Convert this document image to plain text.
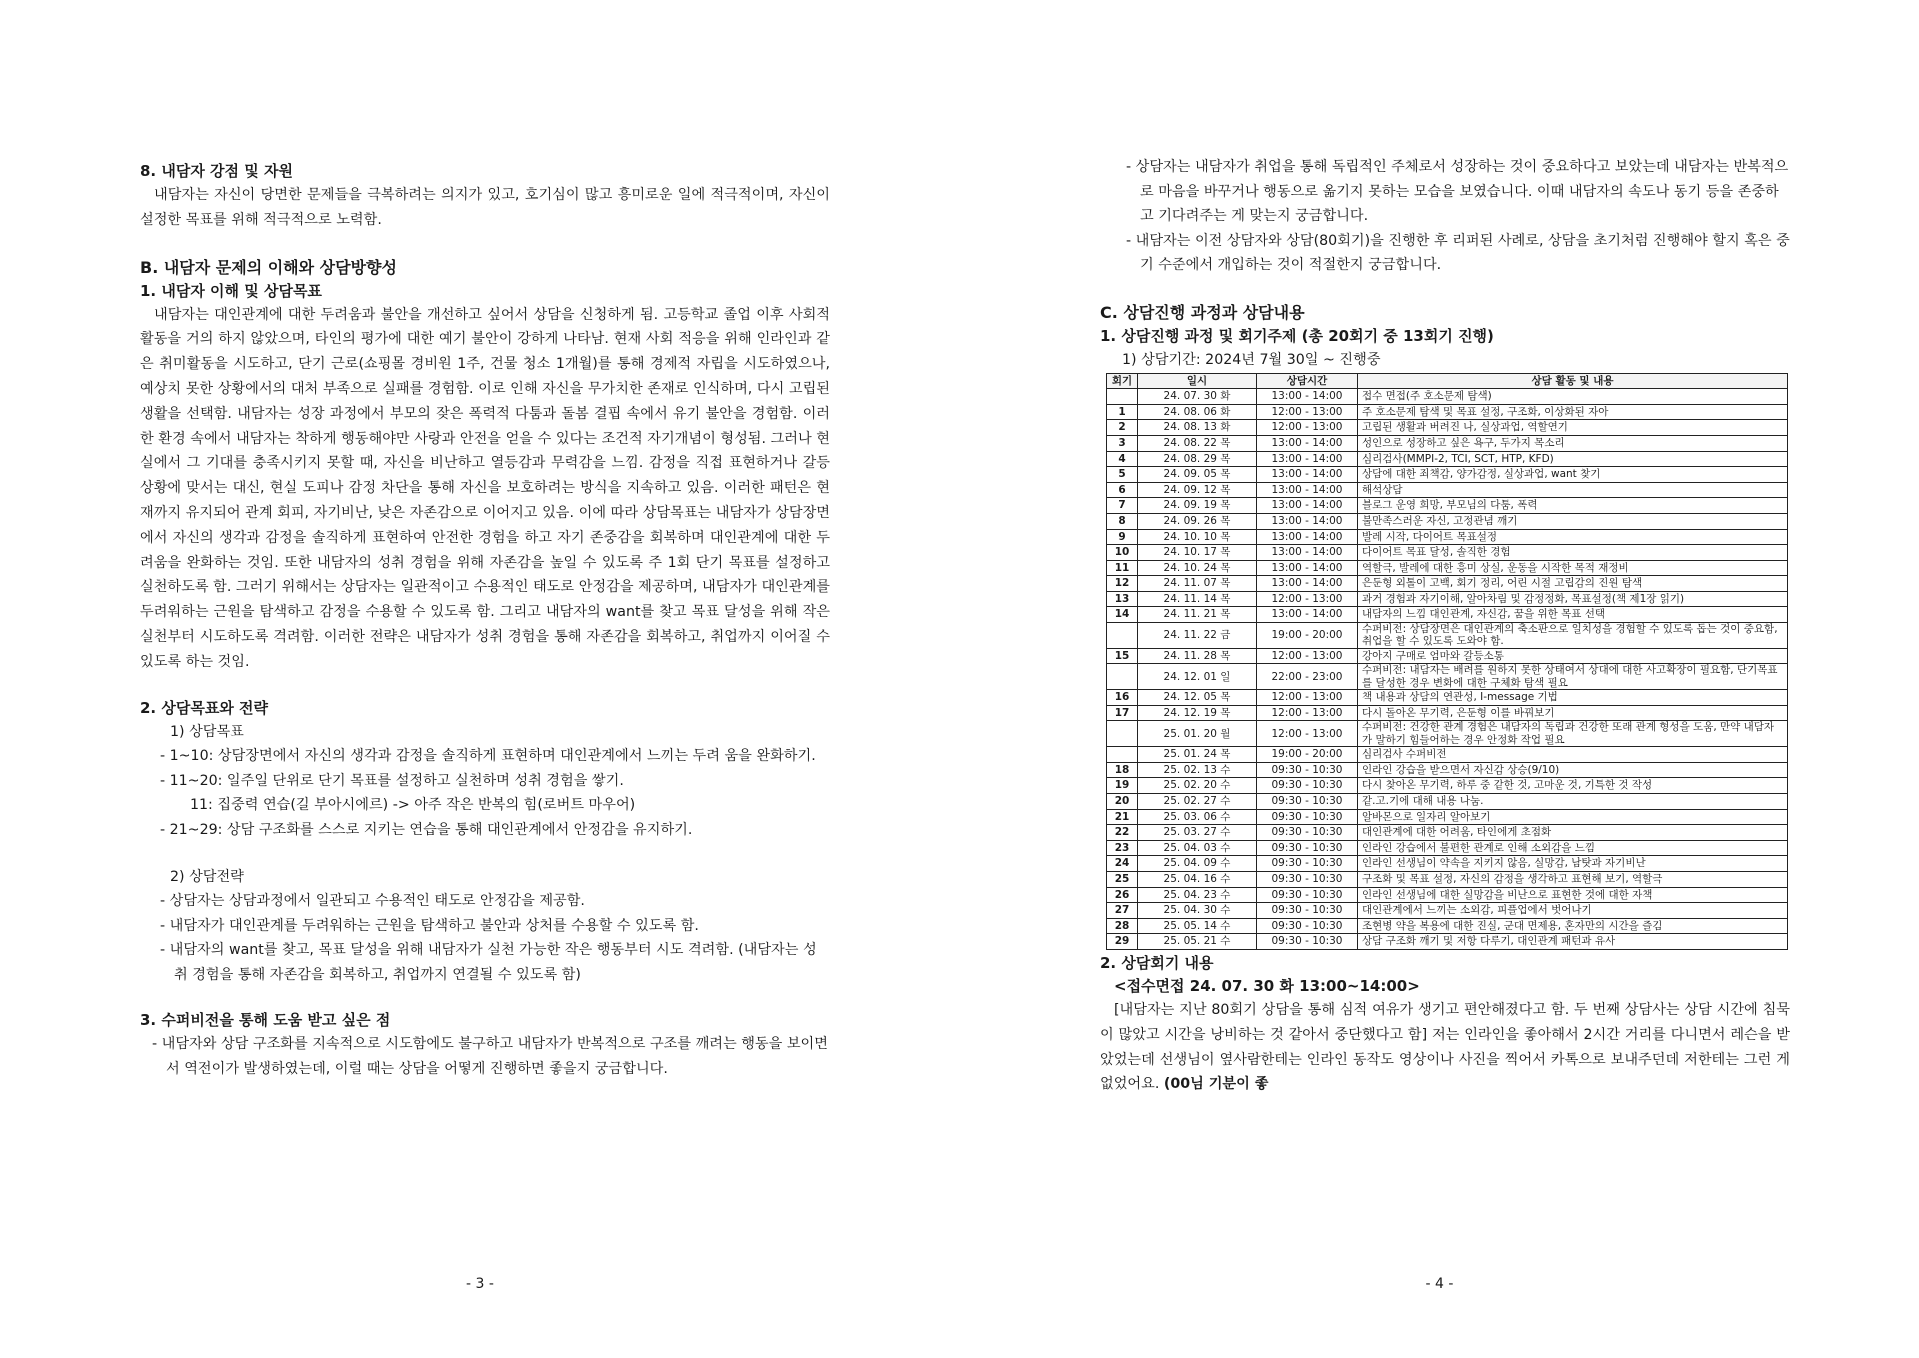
8. 내담자 강점 및 자원

내담자는 자신이 당면한 문제들을 극복하려는 의지가 있고, 호기심이 많고 흥미로운 일에 적극적이며, 자신이 설정한 목표를 위해 적극적으로 노력함.

B. 내담자 문제의 이해와 상담방향성

1. 내담자 이해 및 상담목표

내담자는 대인관계에 대한 두려움과 불안을 개선하고 싶어서 상담을 신청하게 됨. 고등학교 졸업 이후 사회적 활동을 거의 하지 않았으며, 타인의 평가에 대한 예기 불안이 강하게 나타남. 현재 사회 적응을 위해 인라인과 같은 취미활동을 시도하고, 단기 근로(쇼핑몰 경비원 1주, 건물 청소 1개월)를 통해 경제적 자립을 시도하였으나, 예상치 못한 상황에서의 대처 부족으로 실패를 경험함. 이로 인해 자신을 무가치한 존재로 인식하며, 다시 고립된 생활을 선택함. 내담자는 성장 과정에서 부모의 잦은 폭력적 다툼과 돌봄 결핍 속에서 유기 불안을 경험함. 이러한 환경 속에서 내담자는 착하게 행동해야만 사랑과 안전을 얻을 수 있다는 조건적 자기개념이 형성됨. 그러나 현실에서 그 기대를 충족시키지 못할 때, 자신을 비난하고 열등감과 무력감을 느낌. 감정을 직접 표현하거나 갈등 상황에 맞서는 대신, 현실 도피나 감정 차단을 통해 자신을 보호하려는 방식을 지속하고 있음. 이러한 패턴은 현재까지 유지되어 관계 회피, 자기비난, 낮은 자존감으로 이어지고 있음. 이에 따라 상담목표는 내담자가 상담장면에서 자신의 생각과 감정을 솔직하게 표현하여 안전한 경험을 하고 자기 존중감을 회복하며 대인관계에 대한 두려움을 완화하는 것임. 또한 내담자의 성취 경험을 위해 자존감을 높일 수 있도록 주 1회 단기 목표를 설정하고 실천하도록 함. 그러기 위해서는 상담자는 일관적이고 수용적인 태도로 안정감을 제공하며, 내담자가 대인관계를 두려워하는 근원을 탐색하고 감정을 수용할 수 있도록 함. 그리고 내담자의 want를 찾고 목표 달성을 위해 작은 실천부터 시도하도록 격려함. 이러한 전략은 내담자가 성취 경험을 통해 자존감을 회복하고, 취업까지 이어질 수 있도록 하는 것임.

2. 상담목표와 전략

1) 상담목표

- 1~10: 상담장면에서 자신의 생각과 감정을 솔직하게 표현하며 대인관계에서 느끼는 두려 움을 완화하기.

- 11~20: 일주일 단위로 단기 목표를 설정하고 실천하며 성취 경험을 쌓기.

11: 집중력 연습(길 부아시에르) -> 아주 작은 반복의 힘(로버트 마우어)

- 21~29: 상담 구조화를 스스로 지키는 연습을 통해 대인관계에서 안정감을 유지하기.

2) 상담전략

- 상담자는 상담과정에서 일관되고 수용적인 태도로 안정감을 제공함.

- 내담자가 대인관계를 두려워하는 근원을 탐색하고 불안과 상처를 수용할 수 있도록 함.

- 내담자의 want를 찾고, 목표 달성을 위해 내담자가 실천 가능한 작은 행동부터 시도 격려함. (내담자는 성취 경험을 통해 자존감을 회복하고, 취업까지 연결될 수 있도록 함)

3. 수퍼비전을 통해 도움 받고 싶은 점

- 내담자와 상담 구조화를 지속적으로 시도함에도 불구하고 내담자가 반복적으로 구조를 깨려는 행동을 보이면서 역전이가 발생하였는데, 이럴 때는 상담을 어떻게 진행하면 좋을지 궁금합니다.

- 3 -

- 상담자는 내담자가 취업을 통해 독립적인 주체로서 성장하는 것이 중요하다고 보았는데 내담자는 반복적으로 마음을 바꾸거나 행동으로 옮기지 못하는 모습을 보였습니다. 이때 내담자의 속도나 동기 등을 존중하고 기다려주는 게 맞는지 궁금합니다.

- 내담자는 이전 상담자와 상담(80회기)을 진행한 후 리퍼된 사례로, 상담을 초기처럼 진행해야 할지 혹은 중기 수준에서 개입하는 것이 적절한지 궁금합니다.

C. 상담진행 과정과 상담내용

1. 상담진행 과정 및 회기주제 (총 20회기 중 13회기 진행)

1) 상담기간: 2024년 7월 30일 ~ 진행중

회기	일시	상담시간	상담 활동 및 내용
	24. 07. 30 화	13:00 - 14:00	접수 면접(주 호소문제 탐색)
1	24. 08. 06 화	12:00 - 13:00	주 호소문제 탐색 및 목표 설정, 구조화, 이상화된 자아
2	24. 08. 13 화	12:00 - 13:00	고립된 생활과 버려진 나, 실상과업, 역할연기
3	24. 08. 22 목	13:00 - 14:00	성인으로 성장하고 싶은 욕구, 두가지 목소리
4	24. 08. 29 목	13:00 - 14:00	심리검사(MMPI-2, TCI, SCT, HTP, KFD)
5	24. 09. 05 목	13:00 - 14:00	상담에 대한 죄책감, 양가감정, 실상과업, want 찾기
6	24. 09. 12 목	13:00 - 14:00	해석상담
7	24. 09. 19 목	13:00 - 14:00	블로그 운영 희망, 부모님의 다툼, 폭력
8	24. 09. 26 목	13:00 - 14:00	불만족스러운 자신, 고정관념 깨기
9	24. 10. 10 목	13:00 - 14:00	발레 시작, 다이어트 목표설정
10	24. 10. 17 목	13:00 - 14:00	다이어트 목표 달성, 솔직한 경험
11	24. 10. 24 목	13:00 - 14:00	역할극, 발레에 대한 흥미 상실, 운동을 시작한 목적 재정비
12	24. 11. 07 목	13:00 - 14:00	은둔형 외톨이 고백, 회기 정리, 어린 시절 고립감의 진원 탐색
13	24. 11. 14 목	12:00 - 13:00	과거 경험과 자기이해, 알아차림 및 감정정화, 목표설정(책 제1장 읽기)
14	24. 11. 21 목	13:00 - 14:00	내담자의 느낌 대인관계, 자신감, 꿈을 위한 목표 선택
	24. 11. 22 금	19:00 - 20:00	수퍼비전: 상담장면은 대인관계의 축소판으로 일치성을 경험할 수 있도록 돕는 것이 중요함, 취업을 할 수 있도록 도와야 함.
15	24. 11. 28 목	12:00 - 13:00	강아지 구매로 엄마와 갈등소통
	24. 12. 01 일	22:00 - 23:00	수퍼비전: 내담자는 배려를 원하지 못한 상태여서 상대에 대한 사고확장이 필요함, 단기목표를 달성한 경우 변화에 대한 구체화 탐색 필요
16	24. 12. 05 목	12:00 - 13:00	책 내용과 상담의 연관성, I-message 기법
17	24. 12. 19 목	12:00 - 13:00	다시 돌아온 무기력, 은둔형 이를 바꿔보기
	25. 01. 20 월	12:00 - 13:00	수퍼비전: 건강한 관계 경험은 내담자의 독립과 건강한 또래 관계 형성을 도움, 만약 내담자가 말하기 힘들어하는 경우 안정화 작업 필요
	25. 01. 24 목	19:00 - 20:00	심리검사 수퍼비전
18	25. 02. 13 수	09:30 - 10:30	인라인 강습을 받으면서 자신감 상승(9/10)
19	25. 02. 20 수	09:30 - 10:30	다시 찾아온 무기력, 하루 중 같한 것, 고마운 것, 기특한 것 작성
20	25. 02. 27 수	09:30 - 10:30	같.고.기에 대해 내용 나눔.
21	25. 03. 06 수	09:30 - 10:30	알바몬으로 일자리 알아보기
22	25. 03. 27 수	09:30 - 10:30	대인관계에 대한 어려움, 타인에게 초점화
23	25. 04. 03 수	09:30 - 10:30	인라인 강습에서 불편한 관계로 인해 소외감을 느낌
24	25. 04. 09 수	09:30 - 10:30	인라인 선생님이 약속을 지키지 않음, 실망감, 남탓과 자기비난
25	25. 04. 16 수	09:30 - 10:30	구조화 및 목표 설정, 자신의 감정을 생각하고 표현해 보기, 역할극
26	25. 04. 23 수	09:30 - 10:30	인라인 선생님에 대한 실망감을 비난으로 표현한 것에 대한 자책
27	25. 04. 30 수	09:30 - 10:30	대인관계에서 느끼는 소외감, 피플업에서 벗어나기
28	25. 05. 14 수	09:30 - 10:30	조현병 약을 복용에 대한 진실, 군대 면제용, 혼자만의 시간을 즐김
29	25. 05. 21 수	09:30 - 10:30	상담 구조화 깨기 및 저항 다루기, 대인관계 패턴과 유사

2. 상담회기 내용

<접수면접 24. 07. 30 화 13:00~14:00>

[내담자는 지난 80회기 상담을 통해 심적 여유가 생기고 편안해졌다고 함. 두 번째 상담사는 상담 시간에 침묵이 많았고 시간을 낭비하는 것 같아서 중단했다고 함] 저는 인라인을 좋아해서 2시간 거리를 다니면서 레슨을 받았었는데 선생님이 옆사람한테는 인라인 동작도 영상이나 사진을 찍어서 카톡으로 보내주던데 저한테는 그런 게 없었어요. (00님 기분이 좋

- 4 -
